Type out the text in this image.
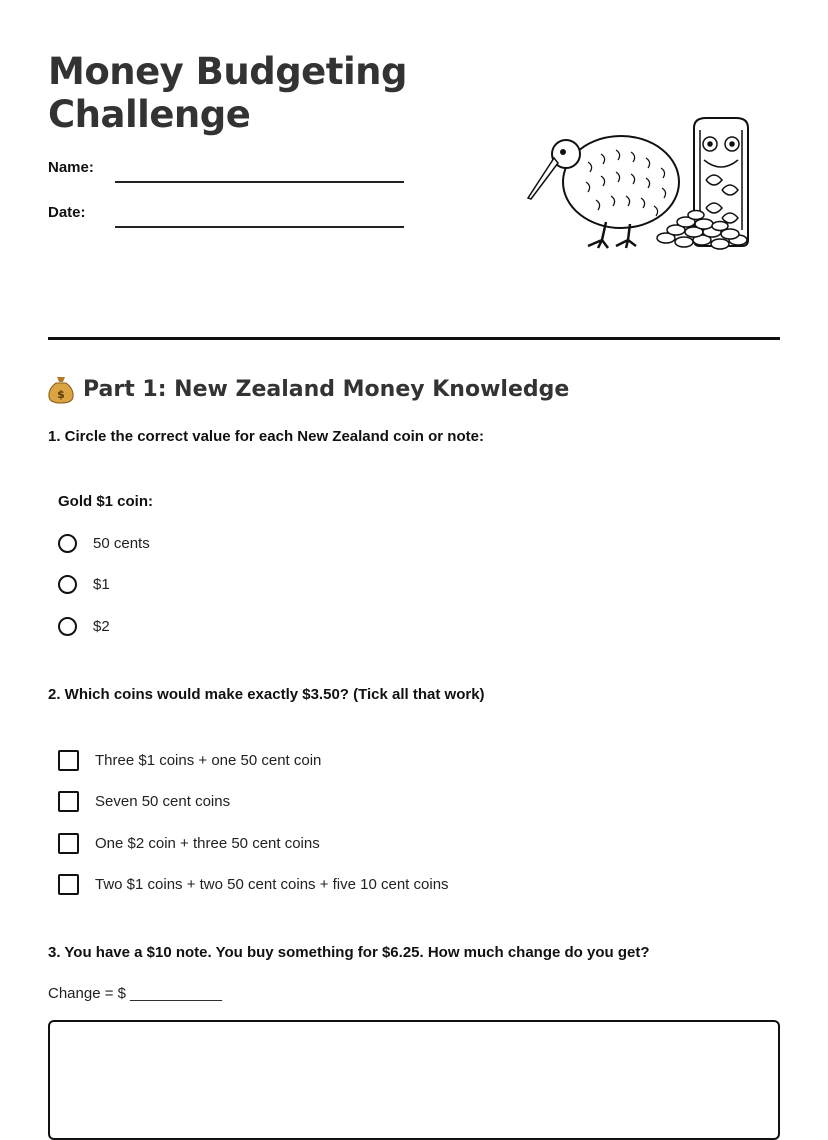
Money Budgeting Challenge
Name:
Date:
$ Part 1: New Zealand Money Knowledge
1. Circle the correct value for each New Zealand coin or note:
Gold $1 coin:
50 cents
$1
$2
2. Which coins would make exactly $3.50? (Tick all that work)
Three $1 coins + one 50 cent coin
Seven 50 cent coins
One $2 coin + three 50 cent coins
Two $1 coins + two 50 cent coins + five 10 cent coins
3. You have a $10 note. You buy something for $6.25. How much change do you get?
Change = $ ___________
